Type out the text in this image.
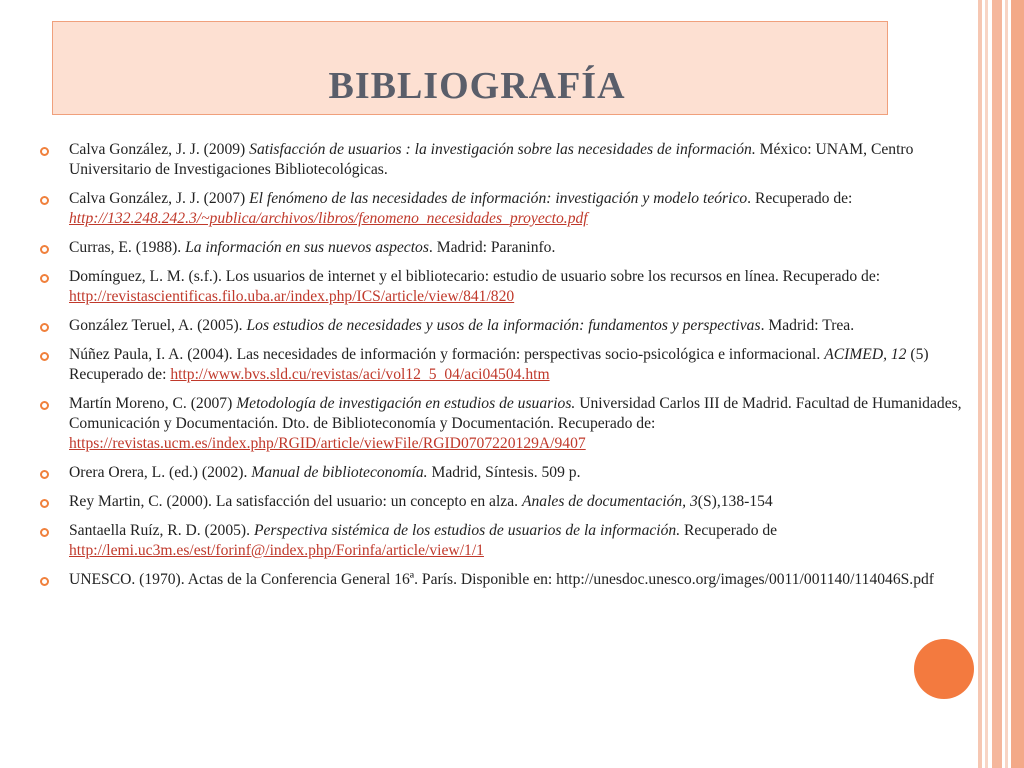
BIBLIOGRAFÍA
Calva González, J. J. (2009) Satisfacción de usuarios : la investigación sobre las necesidades de información. México: UNAM, Centro Universitario de Investigaciones Bibliotecológicas.
Calva González, J. J. (2007) El fenómeno de las necesidades de información: investigación y modelo teórico. Recuperado de: http://132.248.242.3/~publica/archivos/libros/fenomeno_necesidades_proyecto.pdf
Curras, E. (1988). La información en sus nuevos aspectos. Madrid: Paraninfo.
Domínguez, L. M. (s.f.). Los usuarios de internet y el bibliotecario: estudio de usuario sobre los recursos en línea. Recuperado de: http://revistascientificas.filo.uba.ar/index.php/ICS/article/view/841/820
González Teruel, A. (2005). Los estudios de necesidades y usos de la información: fundamentos y perspectivas. Madrid: Trea.
Núñez Paula, I. A. (2004). Las necesidades de información y formación: perspectivas socio-psicológica e informacional. ACIMED, 12 (5) Recuperado de: http://www.bvs.sld.cu/revistas/aci/vol12_5_04/aci04504.htm
Martín Moreno, C. (2007) Metodología de investigación en estudios de usuarios. Universidad Carlos III de Madrid. Facultad de Humanidades, Comunicación y Documentación. Dto. de Biblioteconomía y Documentación. Recuperado de: https://revistas.ucm.es/index.php/RGID/article/viewFile/RGID0707220129A/9407
Orera Orera, L. (ed.) (2002). Manual de biblioteconomía. Madrid, Síntesis. 509 p.
Rey Martin, C. (2000). La satisfacción del usuario: un concepto en alza. Anales de documentación, 3(S),138-154
Santaella Ruíz, R. D. (2005). Perspectiva sistémica de los estudios de usuarios de la información. Recuperado de http://lemi.uc3m.es/est/forinf@/index.php/Forinfa/article/view/1/1
UNESCO. (1970). Actas de la Conferencia General 16ª. París. Disponible en: http://unesdoc.unesco.org/images/0011/001140/114046S.pdf
